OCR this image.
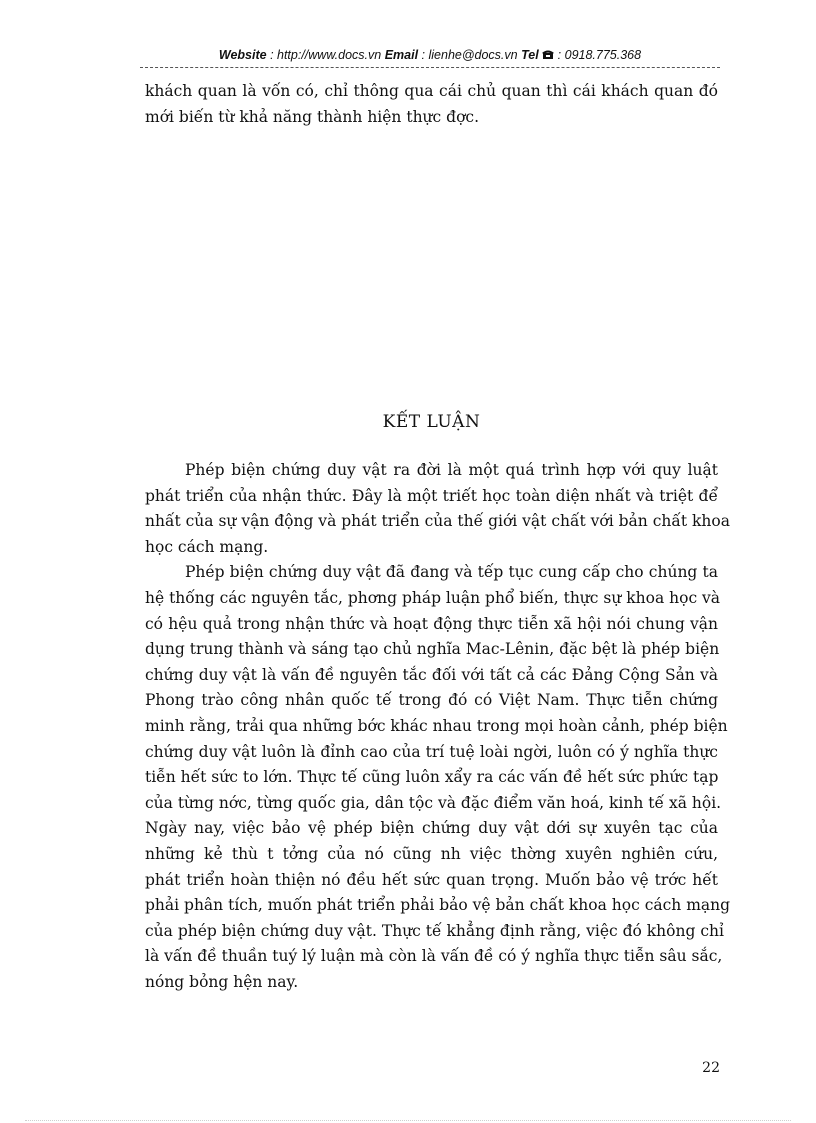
Website : http://www.docs.vn Email : lienhe@docs.vn Tel  : 0918.775.368
khách quan là vốn có, chỉ thông qua cái chủ quan thì cái khách quan đó
mới biến từ khả năng thành hiện thực đợc.
KẾT LUẬN
Phép biện chứng duy vật ra đời là một quá trình hợp với quy luật
phát triển của nhận thức. Đây là một triết học toàn diện nhất và triệt để
nhất của sự vận động và phát triển của thế giới vật chất với bản chất khoa
học cách mạng.
Phép biện chứng duy vật đã đang và tếp tục cung cấp cho chúng ta
hệ thống các nguyên tắc, phơng pháp luận phổ biến, thực sự khoa học và
có hệu quả trong nhận thức và hoạt động thực tiễn xã hội nói chung vận
dụng trung thành và sáng tạo chủ nghĩa Mac-Lênin, đặc bệt là phép biện
chứng duy vật là vấn đề nguyên tắc đối với tất cả các Đảng Cộng Sản và
Phong trào công nhân quốc tế trong đó có Việt Nam. Thực tiễn chứng
minh rằng, trải qua những bớc khác nhau trong mọi hoàn cảnh, phép biện
chứng duy vật luôn là đỉnh cao của trí tuệ loài ngời, luôn có ý nghĩa thực
tiễn hết sức to lớn. Thực tế cũng luôn xẩy ra các vấn đề hết sức phức tạp
của từng nớc, từng quốc gia, dân tộc và đặc điểm văn hoá, kinh tế xã hội.
Ngày nay, việc bảo vệ phép biện chứng duy vật dới sự xuyên tạc của
những kẻ thù t tởng của nó cũng nh việc thờng xuyên nghiên cứu,
phát triển hoàn thiện nó đều hết sức quan trọng. Muốn bảo vệ trớc hết
phải phân tích, muốn phát triển phải bảo vệ bản chất khoa học cách mạng
của phép biện chứng duy vật. Thực tế khẳng định rằng, việc đó không chỉ
là vấn đề thuần tuý lý luận mà còn là vấn đề có ý nghĩa thực tiễn sâu sắc,
nóng bỏng hện nay.
22
